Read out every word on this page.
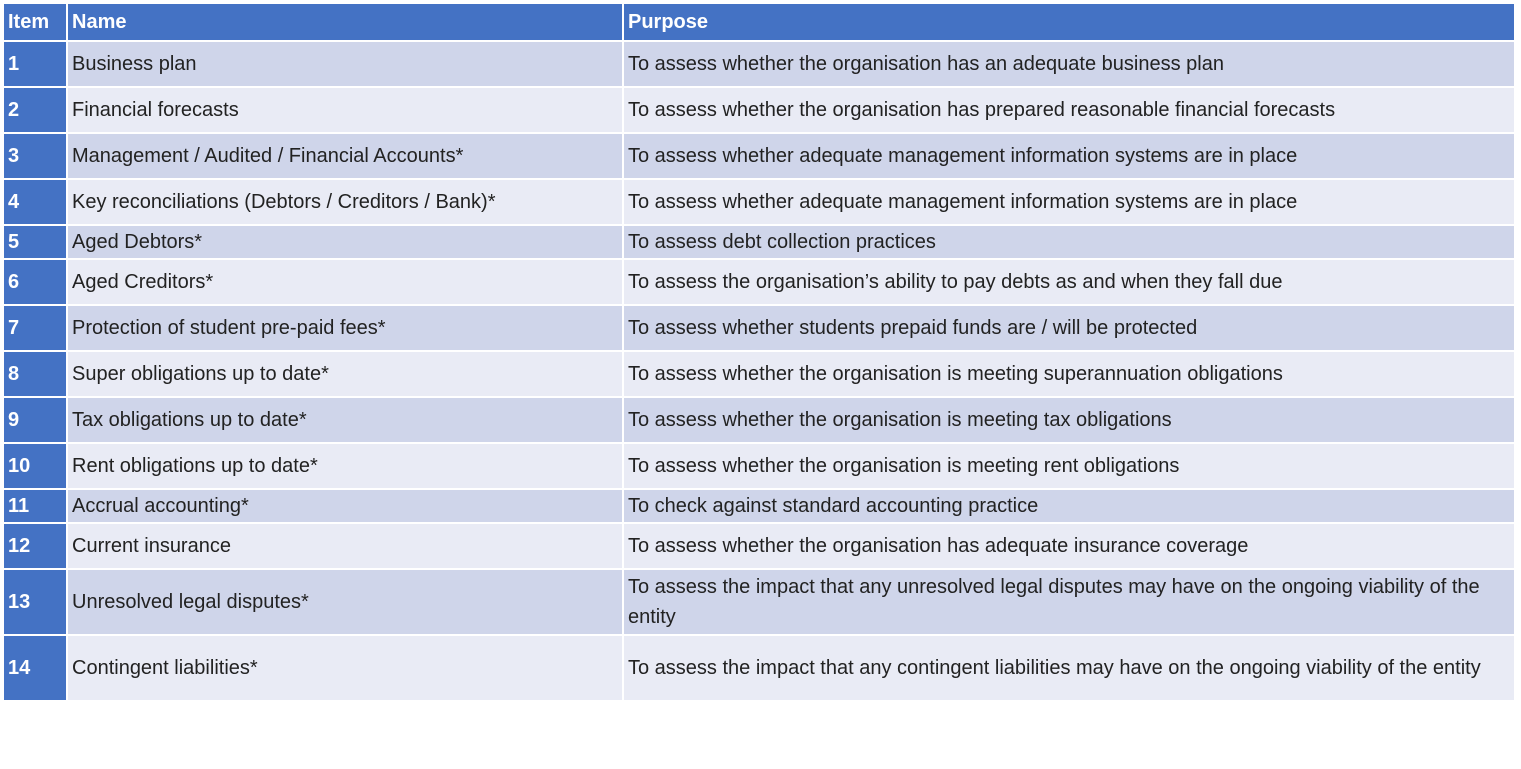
Item	Name	Purpose
1	Business plan	To assess whether the organisation has an adequate business plan
2	Financial forecasts	To assess whether the organisation has prepared reasonable financial forecasts
3	Management / Audited / Financial Accounts*	To assess whether adequate management information systems are in place
4	Key reconciliations (Debtors / Creditors / Bank)*	To assess whether adequate management information systems are in place
5	Aged Debtors*	To assess debt collection practices
6	Aged Creditors*	To assess the organisation’s ability to pay debts as and when they fall due
7	Protection of student pre-paid fees*	To assess whether students prepaid funds are / will be protected
8	Super obligations up to date*	To assess whether the organisation is meeting superannuation obligations
9	Tax obligations up to date*	To assess whether the organisation is meeting tax obligations
10	Rent obligations up to date*	To assess whether the organisation is meeting rent obligations
11	Accrual accounting*	To check against standard accounting practice
12	Current insurance	To assess whether the organisation has adequate insurance coverage
13	Unresolved legal disputes*	To assess the impact that any unresolved legal disputes may have on the ongoing viability of the entity
14	Contingent liabilities*	To assess the impact that any contingent liabilities may have on the ongoing viability of the entity
